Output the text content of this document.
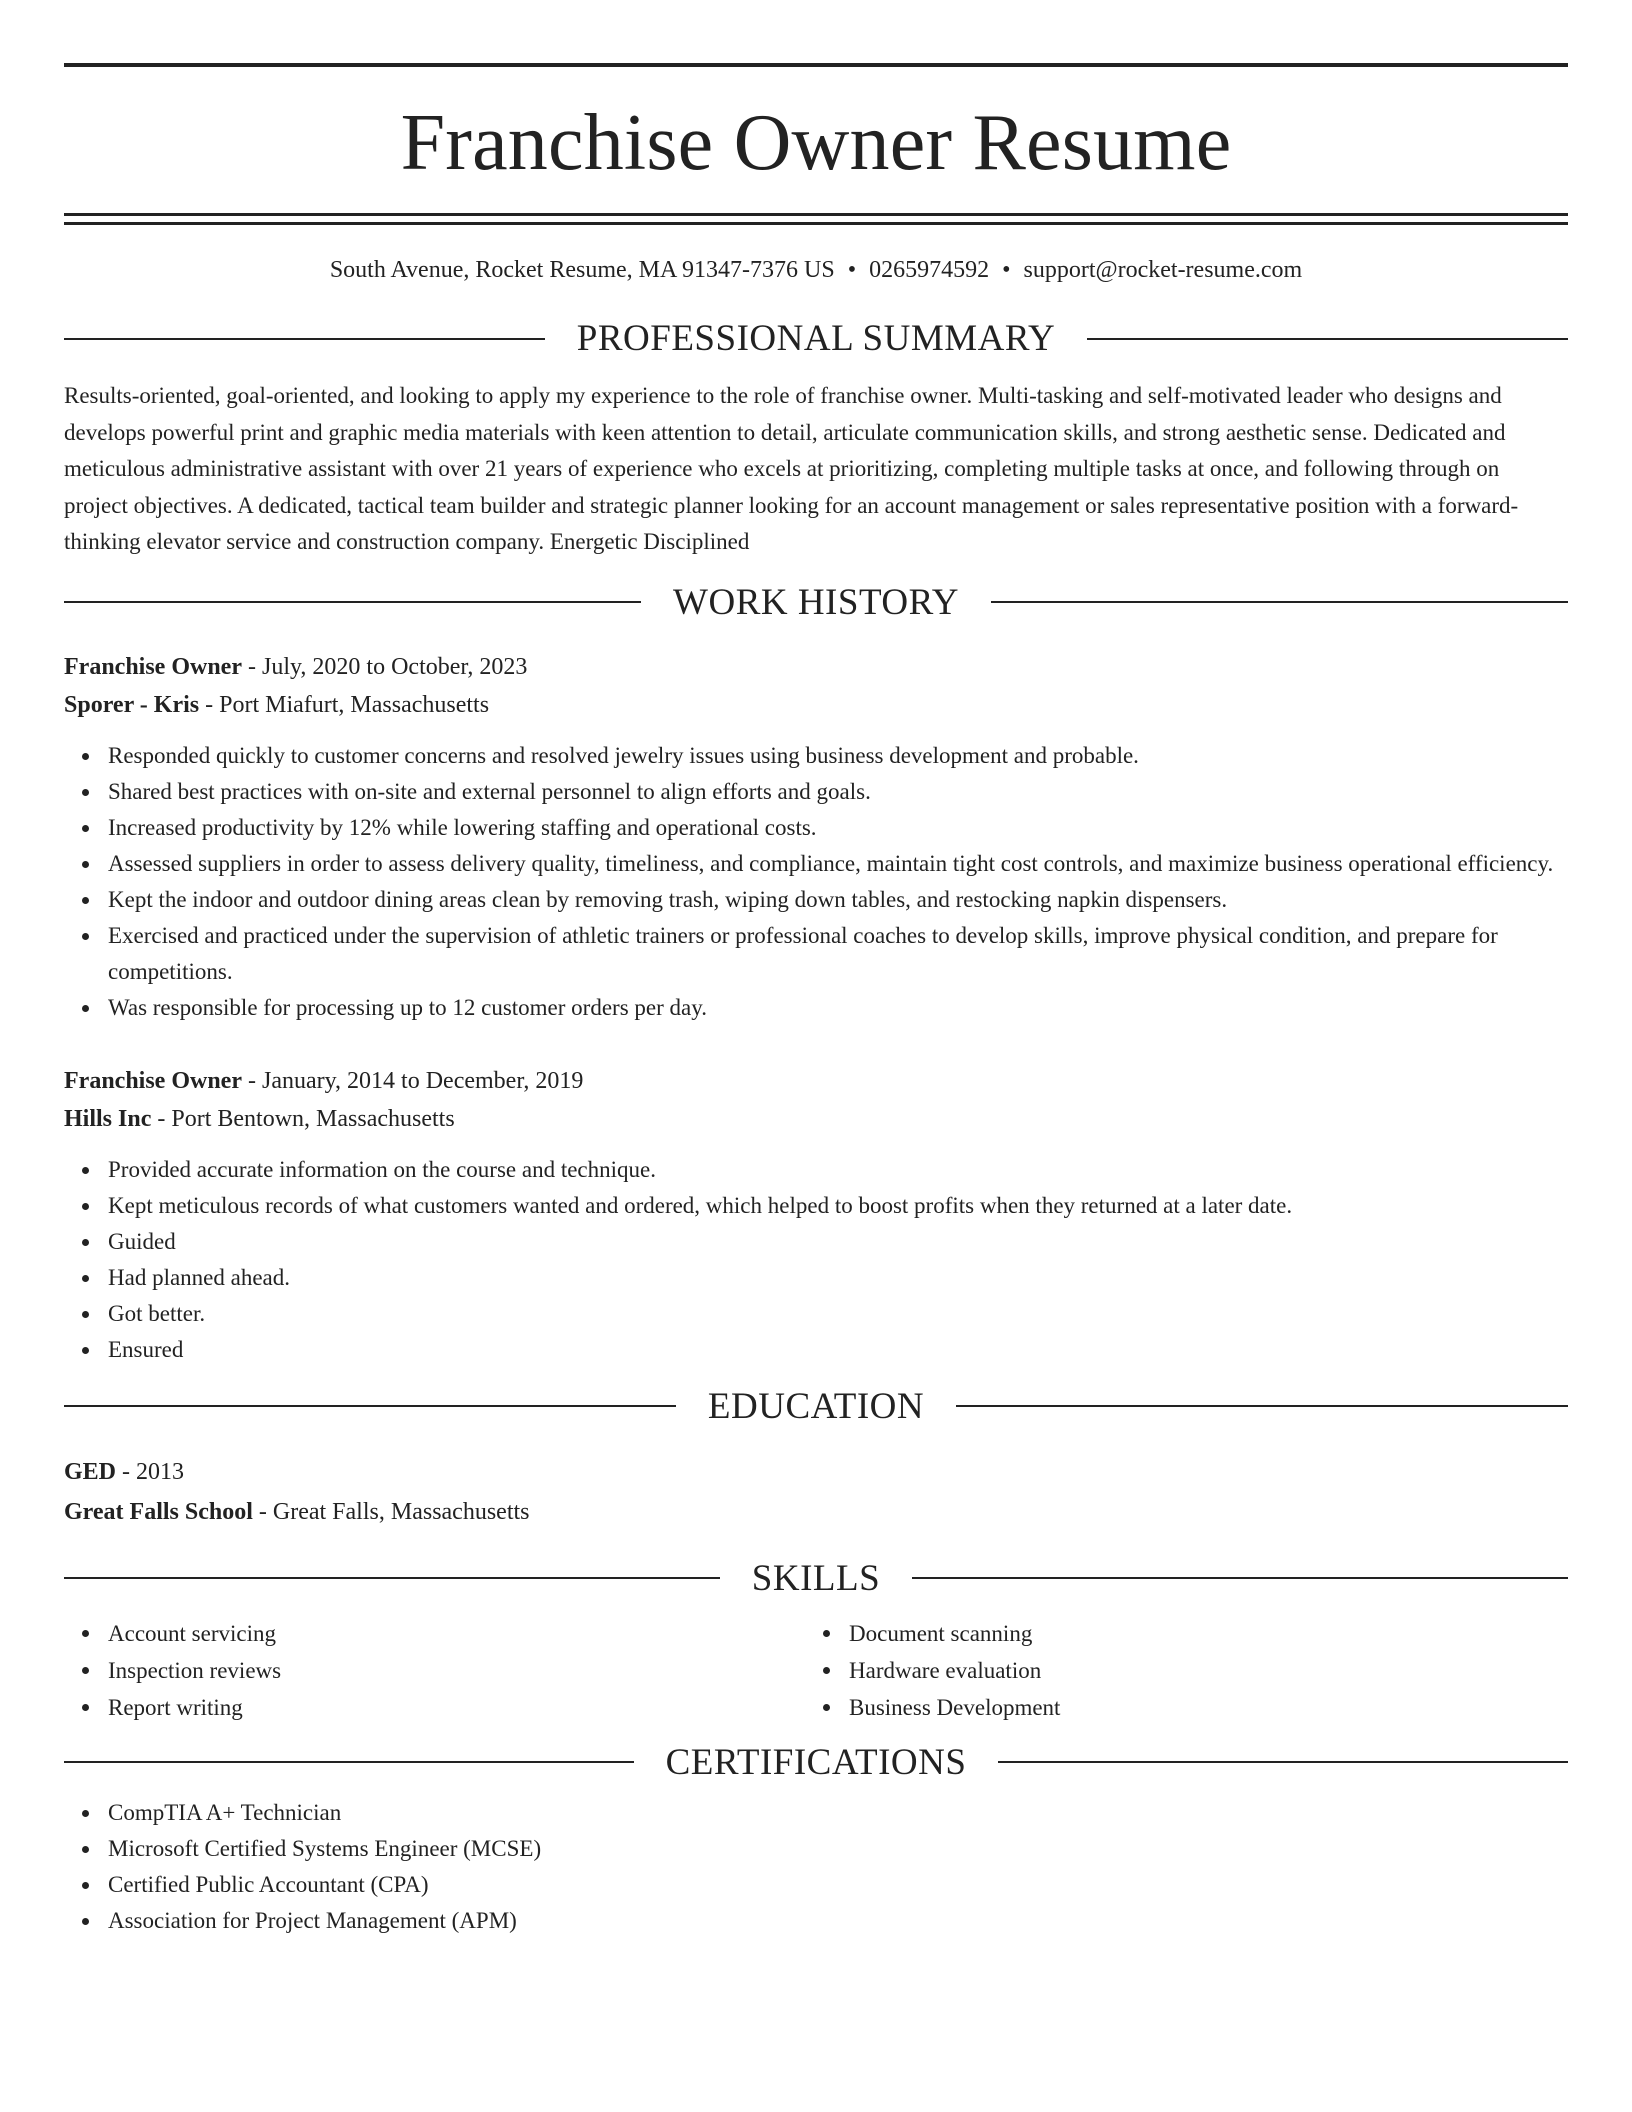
Franchise Owner Resume
South Avenue, Rocket Resume, MA 91347-7376 US • 0265974592 • support@rocket-resume.com
PROFESSIONAL SUMMARY

Results-oriented, goal-oriented, and looking to apply my experience to the role of franchise owner. Multi-tasking and self-motivated leader who designs and develops powerful print and graphic media materials with keen attention to detail, articulate communication skills, and strong aesthetic sense. Dedicated and meticulous administrative assistant with over 21 years of experience who excels at prioritizing, completing multiple tasks at once, and following through on project objectives. A dedicated, tactical team builder and strategic planner looking for an account management or sales representative position with a forward-thinking elevator service and construction company. Energetic Disciplined

WORK HISTORY
Franchise Owner - July, 2020 to October, 2023
Sporer - Kris - Port Miafurt, Massachusetts
Responded quickly to customer concerns and resolved jewelry issues using business development and probable.
Shared best practices with on-site and external personnel to align efforts and goals.
Increased productivity by 12% while lowering staffing and operational costs.
Assessed suppliers in order to assess delivery quality, timeliness, and compliance, maintain tight cost controls, and maximize business operational efficiency.
Kept the indoor and outdoor dining areas clean by removing trash, wiping down tables, and restocking napkin dispensers.
Exercised and practiced under the supervision of athletic trainers or professional coaches to develop skills, improve physical condition, and prepare for competitions.
Was responsible for processing up to 12 customer orders per day.
Franchise Owner - January, 2014 to December, 2019
Hills Inc - Port Bentown, Massachusetts
Provided accurate information on the course and technique.
Kept meticulous records of what customers wanted and ordered, which helped to boost profits when they returned at a later date.
Guided
Had planned ahead.
Got better.
Ensured
EDUCATION
GED - 2013
Great Falls School - Great Falls, Massachusetts
SKILLS
Account servicing
Inspection reviews
Report writing
Document scanning
Hardware evaluation
Business Development
CERTIFICATIONS
CompTIA A+ Technician
Microsoft Certified Systems Engineer (MCSE)
Certified Public Accountant (CPA)
Association for Project Management (APM)
